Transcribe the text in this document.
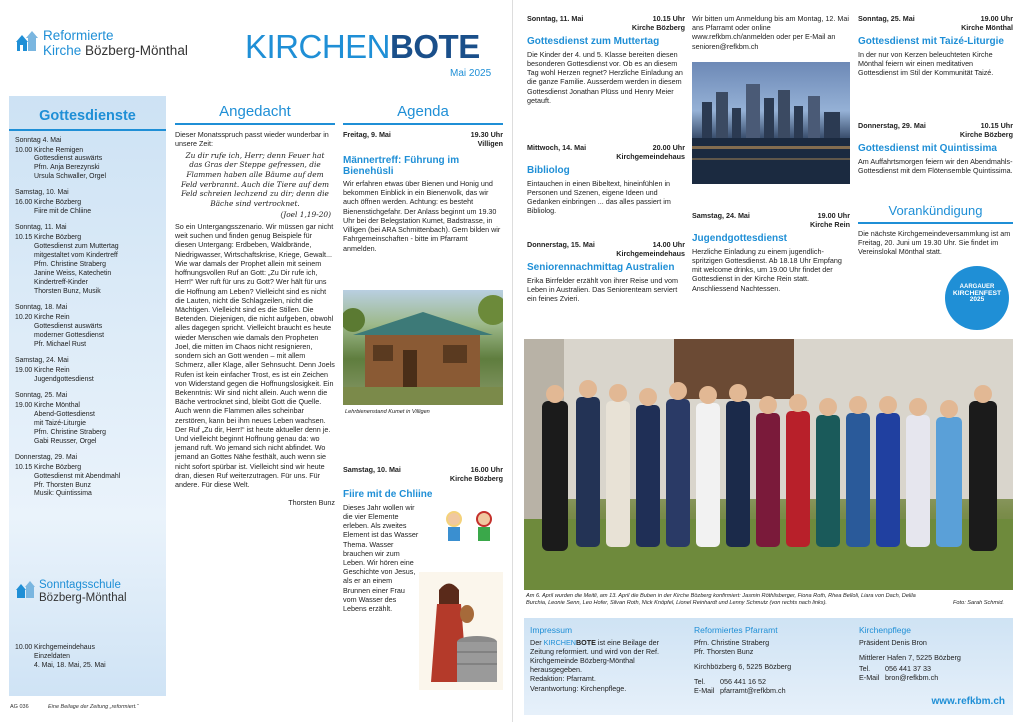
Reformierte
Kirche Bözberg-Mönthal KIRCHENBOTE
Mai 2025
Gottesdienste
Sonntag 4. Mai
10.00 Kirche Remigen
Gottesdienst auswärts
Pfrn. Anja Berezynski
Ursula Schwaller, Orgel
Samstag, 10. Mai
16.00 Kirche Bözberg
Fiire mit de Chliine
Sonntag, 11. Mai
10.15 Kirche Bözberg
Gottesdienst zum Muttertag
mitgestaltet vom Kindertreff
Pfrn. Christine Straberg
Janine Weiss, Katechetin
Kindertreff-Kinder
Thorsten Bunz, Musik
Sonntag, 18. Mai
10.20 Kirche Rein
Gottesdienst auswärts
moderner Gottesdienst
Pfr. Michael Rust
Samstag, 24. Mai
19.00 Kirche Rein
Jugendgottesdienst
Sonntag, 25. Mai
19.00 Kirche Mönthal
Abend-Gottesdienst
mit Taizé-Liturgie
Pfrn. Christine Straberg
Gabi Reusser, Orgel
Donnerstag, 29. Mai
10.15 Kirche Bözberg
Gottesdienst mit Abendmahl
Pfr. Thorsten Bunz
Musik: Quintissima
Sonntagsschule
Bözberg-Mönthal
10.00 Kirchgemeindehaus
Einzeldaten
4. Mai, 18. Mai, 25. Mai
Angedacht

Dieser Monatsspruch passt wieder wunderbar in unsere Zeit:

Zu dir rufe ich, Herr; denn Feuer hat das Gras der Steppe gefressen, die Flammen haben alle Bäume auf dem Feld verbrannt. Auch die Tiere auf dem Feld schreien lechzend zu dir; denn die Bäche sind vertrocknet.

(Joel 1,19-20)

So ein Untergangsszenario. Wir müssen gar nicht weit suchen und finden genug Beispiele für diesen Untergang: Erdbeben, Waldbrände, Niedrigwasser, Wirtschaftskrise, Kriege, Gewalt... Wie war damals der Prophet allein mit seinem hoffnungsvollen Ruf an Gott: „Zu Dir rufe ich, Herr!“ Wer ruft für uns zu Gott? Wer hält für uns die Hoffnung am Leben? Vielleicht sind es nicht die Lauten, nicht die Schlagzeilen, nicht die Mächtigen. Vielleicht sind es die Stillen. Die Betenden. Diejenigen, die nicht aufgeben, obwohl alles dagegen spricht. Vielleicht braucht es heute wieder Menschen wie damals den Propheten Joel, die mitten im Chaos nicht resignieren, sondern sich an Gott wenden – mit allem Schmerz, aller Klage, aller Sehnsucht. Denn Joels Rufen ist kein einfacher Trost, es ist ein Zeichen von Widerstand gegen die Hoffnungslosigkeit. Ein Bekenntnis: Wir sind nicht allein. Auch wenn die Bäche vertrocknet sind, bleibt Gott die Quelle. Auch wenn die Flammen alles scheinbar zerstören, kann bei ihm neues Leben wachsen. Der Ruf „Zu dir, Herr!“ ist heute aktueller denn je. Und vielleicht beginnt Hoffnung genau da: wo jemand ruft. Wo jemand sich nicht abfindet. Wo jemand an Gottes Nähe festhält, auch wenn sie nicht sofort spürbar ist. Vielleicht sind wir heute dran, diesen Ruf weiterzutragen. Für uns. Für andere. Für diese Welt.

Thorsten Bunz

Agenda
Freitag, 9. Mai	19.30 Uhr
Villigen
Männertreff: Führung im Bienehüsli

Wir erfahren etwas über Bienen und Honig und bekommen Einblick in ein Bienenvolk, das wir auch öffnen werden. Achtung: es besteht Bienenstichgefahr. Der Anlass beginnt um 19.30 Uhr bei der Belegstation Kumet, Badstrasse, in Villigen (bei ARA Schmittenbach). Gern bilden wir Fahrgemeinschaften - bitte im Pfarramt anmelden.

Lehrbienenstand Kumet in Villigen
Samstag, 10. Mai	16.00 Uhr
Kirche Bözberg
Fiire mit de Chliine

Dieses Jahr wollen wir die vier Elemente erleben. Als zweites Element ist das Wasser Thema. Wasser brauchen wir zum Leben. Wir hören eine Geschichte von Jesus, als er an einem Brunnen einer Frau vom Wasser des Lebens erzählt.

AG 036	Eine Beilage der Zeitung „reformiert.“
Sonntag, 11. Mai	10.15 Uhr
Kirche Bözberg
Gottesdienst zum Muttertag

Die Kinder der 4. und 5. Klasse bereiten diesen besonderen Gottesdienst vor. Ob es an diesem Tag wohl Herzen regnet? Herzliche Einladung an die ganze Familie. Ausserdem werden in diesem Gottesdienst Jonathan Plüss und Henry Meier getauft.

Mittwoch, 14. Mai	20.00 Uhr
Kirchgemeindehaus
Bibliolog

Eintauchen in einen Bibeltext, hineinfühlen in Personen und Szenen, eigene Ideen und Gedanken einbringen ... das alles passiert im Bibliolog.

Donnerstag, 15. Mai	14.00 Uhr
Kirchgemeindehaus
Seniorennachmittag Australien

Erika Birrfelder erzählt von ihrer Reise und vom Leben in Australien. Das Seniorenteam serviert ein feines Zvieri.

Wir bitten um Anmeldung bis am Montag, 12. Mai ans Pfarramt oder online www.refkbm.ch/anmelden oder per E-Mail an senioren@refkbm.ch

Samstag, 24. Mai	19.00 Uhr
Kirche Rein
Jugendgottesdienst

Herzliche Einladung zu einem jugendlich-spritzigen Gottesdienst. Ab 18.18 Uhr Empfang mit welcome drinks, um 19.00 Uhr findet der Gottesdienst in der Kirche Rein statt. Anschliessend Nachtessen.

Sonntag, 25. Mai	19.00 Uhr
Kirche Mönthal
Gottesdienst mit Taizé-Liturgie

In der nur von Kerzen beleuchteten Kirche Mönthal feiern wir einen meditativen Gottesdienst im Stil der Kommunität Taizé.

Donnerstag, 29. Mai	10.15 Uhr
Kirche Bözberg
Gottesdienst mit Quintissima

Am Auffahrtsmorgen feiern wir den Abendmahls-Gottesdienst mit dem Flötensemble Quintissima.

Vorankündigung

Die nächste Kirchgemeindeversammlung ist am Freitag, 20. Juni um 19.30 Uhr. Sie findet im Vereinslokal Mönthal statt.

AARGAUER
KIRCHENFEST
2025
Am 6. April wurden die Meitli, am 13. April die Buben in der Kirche Bözberg konfirmiert: Jasmin Röthlisberger, Fiona Roth, Rhea Belloli, Liara von Dach, Delila Burchia, Leonie Senn, Leo Hofer, Silvan Roth, Nick Knöpfel, Lionel Reinhardt und Lenny Schmutz (von rechts nach links).	Foto: Sarah Schmid.
Impressum

Der KIRCHENBOTE ist eine Beilage der Zeitung reformiert. und wird von der Ref. Kirchgemeinde Bözberg-Mönthal herausgegeben.

Redaktion: Pfarramt.

Verantwortung: Kirchenpflege.

Reformiertes Pfarramt

Pfrn. Christine Straberg

Pfr. Thorsten Bunz

Kirchbözberg 6, 5225 Bözberg

Tel. 056 441 16 52

E-Mail pfarramt@refkbm.ch

Kirchenpflege

Präsident Denis Bron

Mittlerer Hafen 7, 5225 Bözberg

Tel. 056 441 37 33

E-Mail bron@refkbm.ch

www.refkbm.ch
